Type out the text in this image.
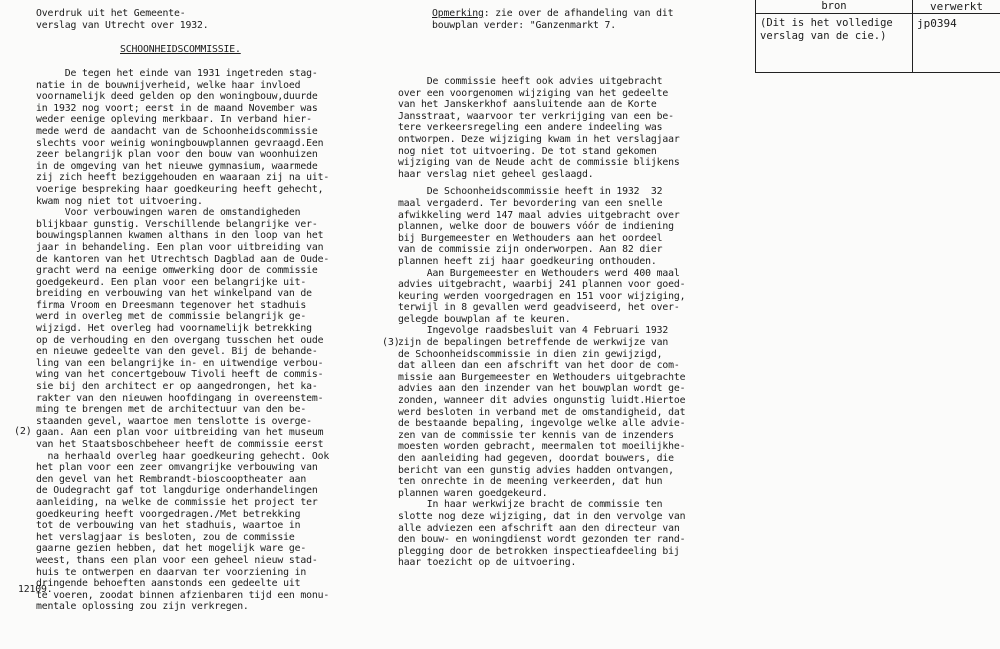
Overdruk uit het Gemeente-
verslag van Utrecht over 1932.
SCHOONHEIDSCOMMISSIE.
Opmerking: zie over de afhandeling van dit
bouwplan verder: "Ganzenmarkt 7.
bron	verwerkt

(Dit is het volledige
verslag van de cie.)	jp0394

De tegen het einde van 1931 ingetreden stag-

natie in de bouwnijverheid, welke haar invloed

voornamelijk deed gelden op den woningbouw,duurde

in 1932 nog voort; eerst in de maand November was

weder eenige opleving merkbaar. In verband hier-

mede werd de aandacht van de Schoonheidscommissie

slechts voor weinig woningbouwplannen gevraagd.Een

zeer belangrijk plan voor den bouw van woonhuizen

in de omgeving van het nieuwe gymnasium, waarmede

zij zich heeft beziggehouden en waaraan zij na uit-

voerige bespreking haar goedkeuring heeft gehecht,

kwam nog niet tot uitvoering.

Voor verbouwingen waren de omstandigheden

blijkbaar gunstig. Verschillende belangrijke ver-

bouwingsplannen kwamen althans in den loop van het

jaar in behandeling. Een plan voor uitbreiding van

de kantoren van het Utrechtsch Dagblad aan de Oude-

gracht werd na eenige omwerking door de commissie

goedgekeurd. Een plan voor een belangrijke uit-

breiding en verbouwing van het winkelpand van de

firma Vroom en Dreesmann tegenover het stadhuis

werd in overleg met de commissie belangrijk ge-

wijzigd. Het overleg had voornamelijk betrekking

op de verhouding en den overgang tusschen het oude

en nieuwe gedeelte van den gevel. Bij de behande-

ling van een belangrijke in- en uitwendige verbou-

wing van het concertgebouw Tivoli heeft de commis-

sie bij den architect er op aangedrongen, het ka-

rakter van den nieuwen hoofdingang in overeenstem-

ming te brengen met de architectuur van den be-

staanden gevel, waartoe men tenslotte is overge-

gaan. Aan een plan voor uitbreiding van het museum

van het Staatsboschbeheer heeft de commissie eerst

na herhaald overleg haar goedkeuring gehecht. Ook

het plan voor een zeer omvangrijke verbouwing van

den gevel van het Rembrandt-bioscooptheater aan

de Oudegracht gaf tot langdurige onderhandelingen

aanleiding, na welke de commissie het project ter

goedkeuring heeft voorgedragen./Met betrekking

tot de verbouwing van het stadhuis, waartoe in

het verslagjaar is besloten, zou de commissie

gaarne gezien hebben, dat het mogelijk ware ge-

weest, thans een plan voor een geheel nieuw stad-

huis te ontwerpen en daarvan ter voorziening in

dringende behoeften aanstonds een gedeelte uit

te voeren, zoodat binnen afzienbaren tijd een monu-

mentale oplossing zou zijn verkregen.

(2)

De commissie heeft ook advies uitgebracht

over een voorgenomen wijziging van het gedeelte

van het Janskerkhof aansluitende aan de Korte

Jansstraat, waarvoor ter verkrijging van een be-

tere verkeersregeling een andere indeeling was

ontworpen. Deze wijziging kwam in het verslagjaar

nog niet tot uitvoering. De tot stand gekomen

wijziging van de Neude acht de commissie blijkens

haar verslag niet geheel geslaagd.

De Schoonheidscommissie heeft in 1932  32

maal vergaderd. Ter bevordering van een snelle

afwikkeling werd 147 maal advies uitgebracht over

plannen, welke door de bouwers vóór de indiening

bij Burgemeester en Wethouders aan het oordeel

van de commissie zijn onderworpen. Aan 82 dier

plannen heeft zij haar goedkeuring onthouden.

Aan Burgemeester en Wethouders werd 400 maal

advies uitgebracht, waarbij 241 plannen voor goed-

keuring werden voorgedragen en 151 voor wijziging,

terwijl in 8 gevallen werd geadviseerd, het over-

gelegde bouwplan af te keuren.

Ingevolge raadsbesluit van 4 Februari 1932

zijn de bepalingen betreffende de werkwijze van

de Schoonheidscommissie in dien zin gewijzigd,

dat alleen dan een afschrift van het door de com-

missie aan Burgemeester en Wethouders uitgebrachte

advies aan den inzender van het bouwplan wordt ge-

zonden, wanneer dit advies ongunstig luidt.Hiertoe

werd besloten in verband met de omstandigheid, dat

de bestaande bepaling, ingevolge welke alle advie-

zen van de commissie ter kennis van de inzenders

moesten worden gebracht, meermalen tot moeilijkhe-

den aanleiding had gegeven, doordat bouwers, die

bericht van een gunstig advies hadden ontvangen,

ten onrechte in de meening verkeerden, dat hun

plannen waren goedgekeurd.

In haar werkwijze bracht de commissie ten

slotte nog deze wijziging, dat in den vervolge van

alle adviezen een afschrift aan den directeur van

den bouw- en woningdienst wordt gezonden ter rand-

plegging door de betrokken inspectieafdeeling bij

haar toezicht op de uitvoering.

(3)
12109.
